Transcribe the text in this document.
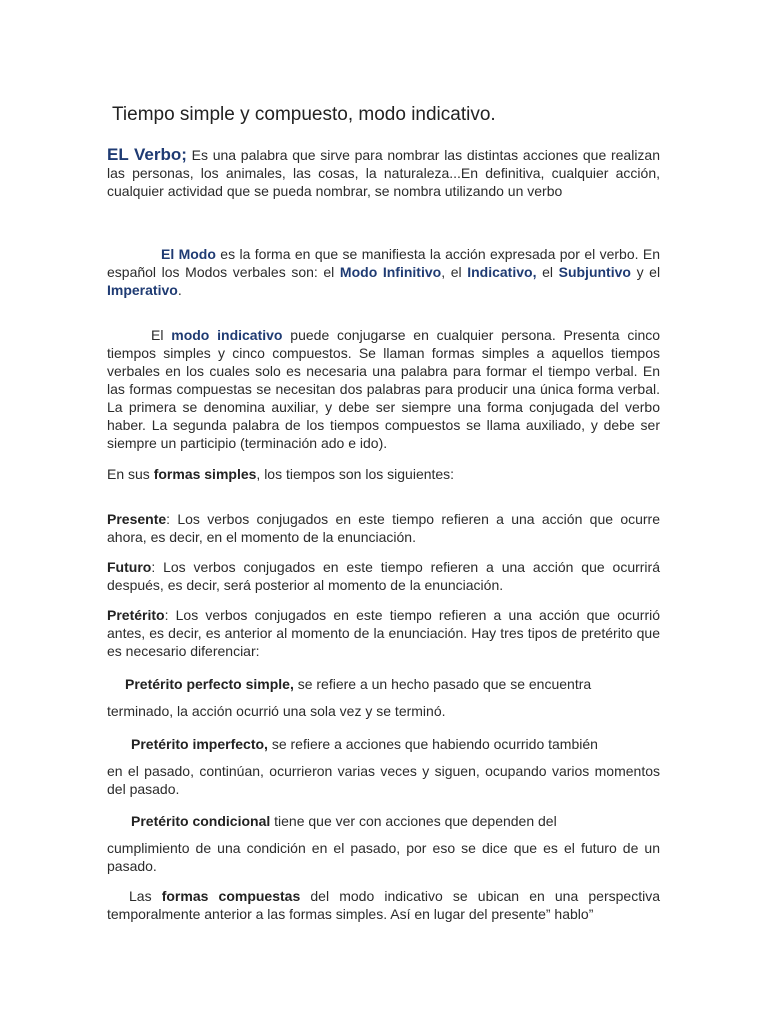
Tiempo simple y compuesto, modo indicativo.

EL Verbo; Es una palabra que sirve para nombrar las distintas acciones que realizan las personas, los animales, las cosas, la naturaleza...En definitiva, cualquier acción, cualquier actividad que se pueda nombrar, se nombra utilizando un verbo

El Modo es la forma en que se manifiesta la acción expresada por el verbo. En español los Modos verbales son: el Modo Infinitivo, el Indicativo, el Subjuntivo y el Imperativo.

El modo indicativo puede conjugarse en cualquier persona. Presenta cinco tiempos simples y cinco compuestos. Se llaman formas simples a aquellos tiempos verbales en los cuales solo es necesaria una palabra para formar el tiempo verbal. En las formas compuestas se necesitan dos palabras para producir una única forma verbal. La primera se denomina auxiliar, y debe ser siempre una forma conjugada del verbo haber. La segunda palabra de los tiempos compuestos se llama auxiliado, y debe ser siempre un participio (terminación ado e ido).

En sus formas simples, los tiempos son los siguientes:

Presente: Los verbos conjugados en este tiempo refieren a una acción que ocurre ahora, es decir, en el momento de la enunciación.

Futuro: Los verbos conjugados en este tiempo refieren a una acción que ocurrirá después, es decir, será posterior al momento de la enunciación.

Pretérito: Los verbos conjugados en este tiempo refieren a una acción que ocurrió antes, es decir, es anterior al momento de la enunciación. Hay tres tipos de pretérito que es necesario diferenciar:

Pretérito perfecto simple, se refiere a un hecho pasado que se encuentra
terminado, la acción ocurrió una sola vez y se terminó.

Pretérito imperfecto, se refiere a acciones que habiendo ocurrido también
en el pasado, continúan, ocurrieron varias veces y siguen, ocupando varios momentos del pasado.

Pretérito condicional tiene que ver con acciones que dependen del
cumplimiento de una condición en el pasado, por eso se dice que es el futuro de un pasado.

Las formas compuestas del modo indicativo se ubican en una perspectiva temporalmente anterior a las formas simples. Así en lugar del presente” hablo”
